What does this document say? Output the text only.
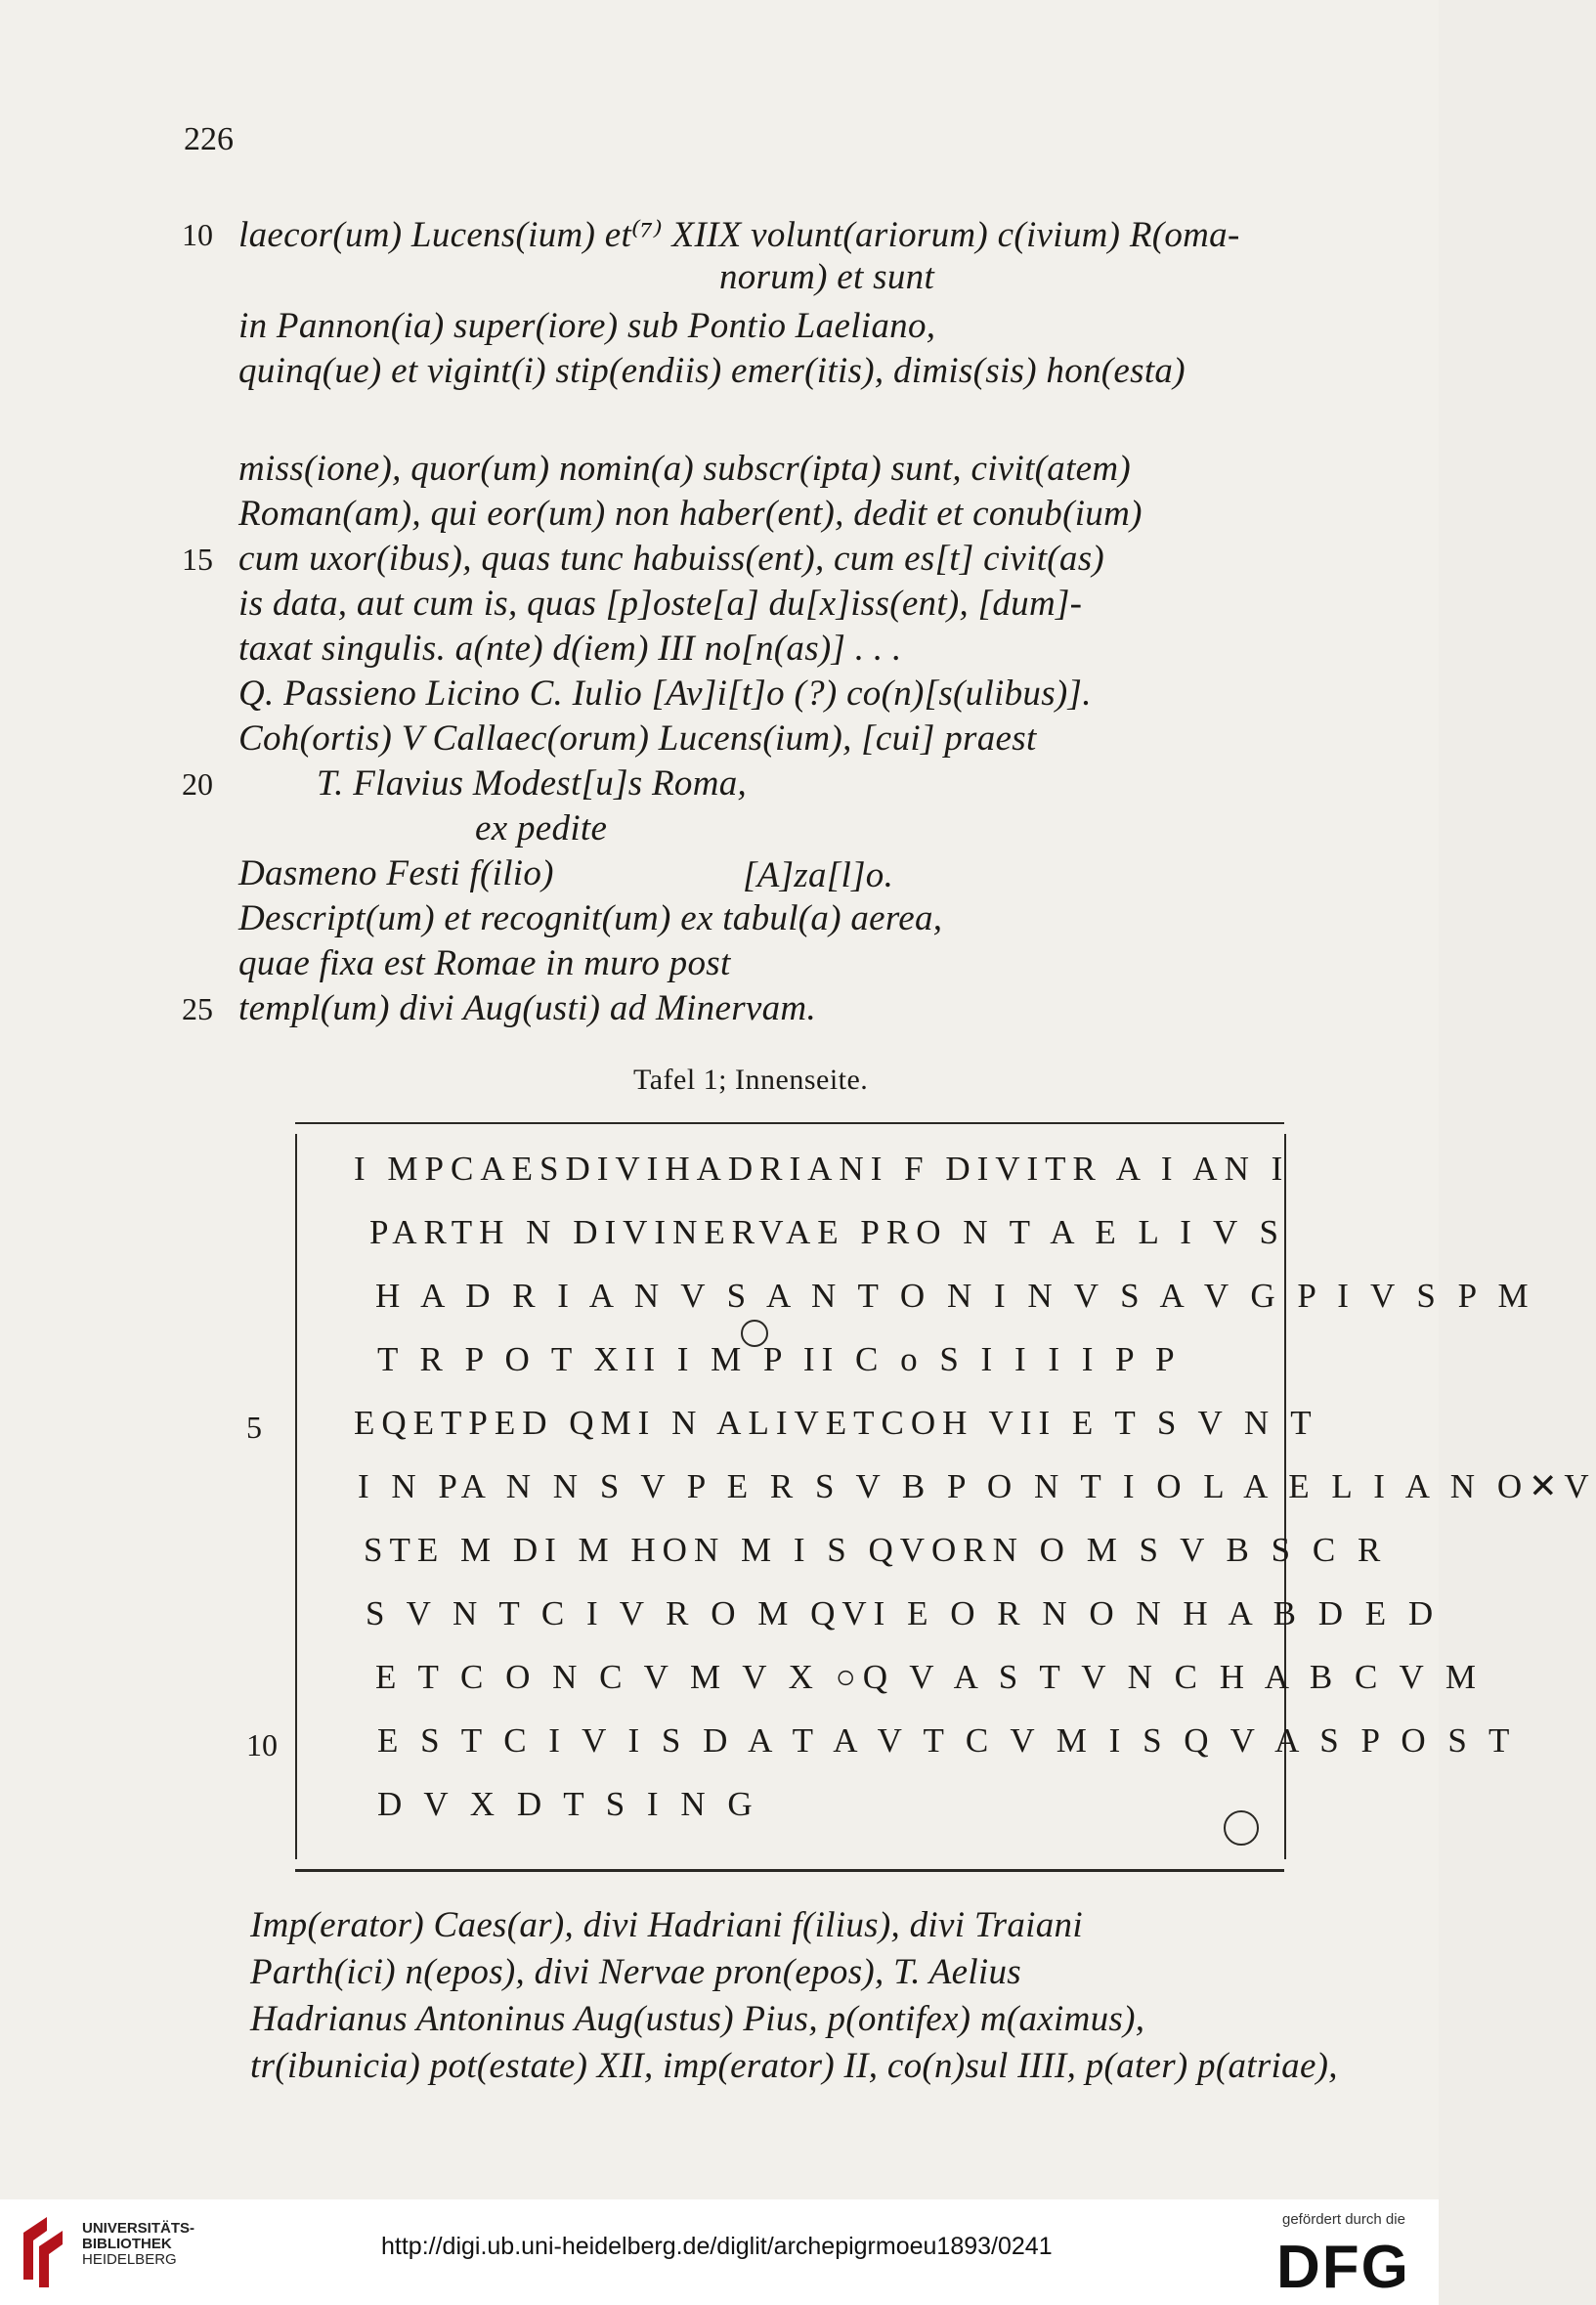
226
10 laecor(um) Lucens(ium) et⁽⁷⁾ XIIX volunt(ariorum) c(ivium) R(oma-
norum) et sunt
in Pannon(ia) super(iore) sub Pontio Laeliano,
quinq(ue) et vigint(i) stip(endiis) emer(itis), dimis(sis) hon(esta)
miss(ione), quor(um) nomin(a) subscr(ipta) sunt, civit(atem)
Roman(am), qui eor(um) non haber(ent), dedit et conub(ium)
15 cum uxor(ibus), quas tunc habuiss(ent), cum es[t] civit(as)
is data, aut cum is, quas [p]oste[a] du[x]iss(ent), [dum]-
taxat singulis. a(nte) d(iem) III no[n(as)] . . .
Q. Passieno Licino C. Iulio [Av]i[t]o (?) co(n)[s(ulibus)].
Coh(ortis) V Callaec(orum) Lucens(ium), [cui] praest
20	T. Flavius Modest[u]s Roma,
ex pedite
Dasmeno Festi f(ilio)
Descript(um) et recognit(um) ex tabul(a) aerea,
quae fixa est Romae in muro post
25 templ(um) divi Aug(usti) ad Minervam.
[A]za[l]o.
Tafel 1; Innenseite.
I MPCAESDIVIHADRIANI F DIVITR A I AN I
PARTH N DIVINERVAE PRO N T A E L I V S
H A D R I A N V S A N T O N I N V S A V G P I V S P M
T R P O T XII I M P II C o S I I I I P P
5	EQETPED QMI N ALIVETCOH VII E T S V N T
I N PA N N S V P E R S V B P O N T I O L A E L I A N O✕V
STE M DI M HON M I S QVORN O M S V B S C R
S V N T C I V R O M QVI E O R N O N H A B D E D
E T C O N C V M V X ○Q V A S T V N C H A B C V M
10	E S T C I V I S D A T A V T C V M I S Q V A S P O S T
D V X D T S I N G
Imp(erator) Caes(ar), divi Hadriani f(ilius), divi Traiani
Parth(ici) n(epos), divi Nervae pron(epos), T. Aelius
Hadrianus Antoninus Aug(ustus) Pius, p(ontifex) m(aximus),
tr(ibunicia) pot(estate) XII, imp(erator) II, co(n)sul IIII, p(ater) p(atriae),
UNIVERSITÄTS-
BIBLIOTHEK
HEIDELBERG	http://digi.ub.uni-heidelberg.de/diglit/archepigrmoeu1893/0241
gefördert durch die
DFG
